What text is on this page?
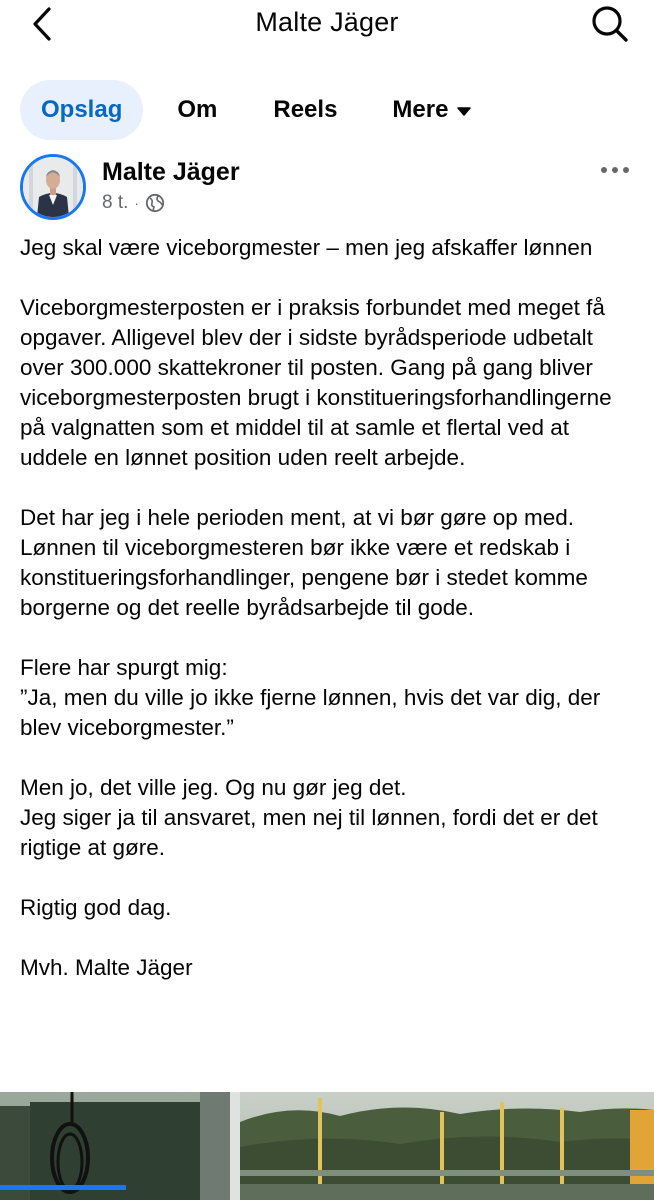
Malte Jäger
Opslag Om Reels Mere
Malte Jäger
8 t. ·

Jeg skal være viceborgmester – men jeg afskaffer lønnen

Viceborgmesterposten er i praksis forbundet med meget få opgaver. Alligevel blev der i sidste byrådsperiode udbetalt over 300.000 skattekroner til posten. Gang på gang bliver viceborgmesterposten brugt i konstitueringsforhandlingerne på valgnatten som et middel til at samle et flertal ved at uddele en lønnet position uden reelt arbejde.

Det har jeg i hele perioden ment, at vi bør gøre op med. Lønnen til viceborgmesteren bør ikke være et redskab i konstitueringsforhandlinger, pengene bør i stedet komme borgerne og det reelle byrådsarbejde til gode.

Flere har spurgt mig:
”Ja, men du ville jo ikke fjerne lønnen, hvis det var dig, der blev viceborgmester.”

Men jo, det ville jeg. Og nu gør jeg det.
Jeg siger ja til ansvaret, men nej til lønnen, fordi det er det rigtige at gøre.

Rigtig god dag.

Mvh. Malte Jäger
